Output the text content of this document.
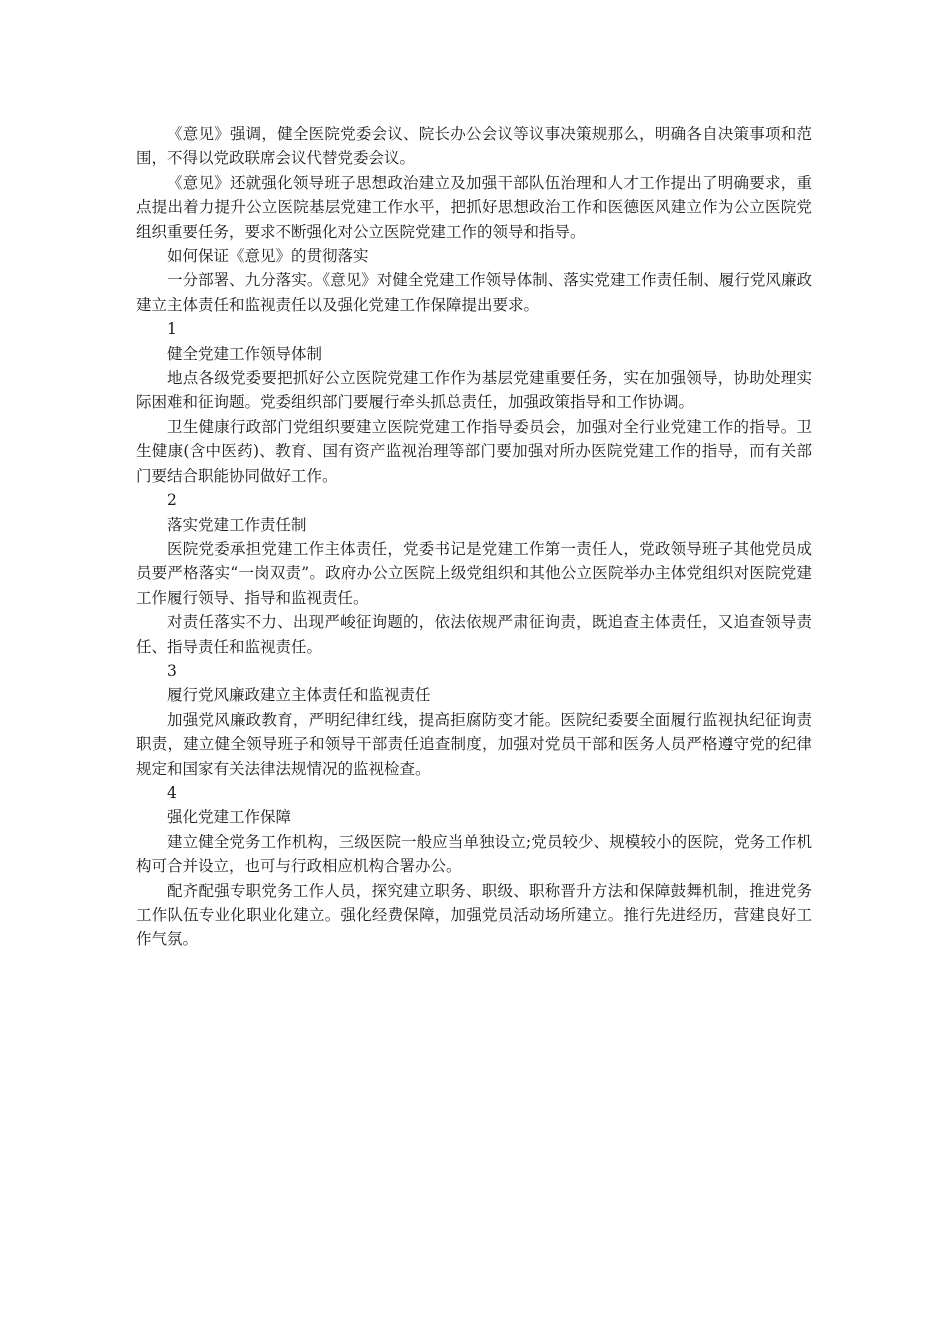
《意见》强调，健全医院党委会议、院长办公会议等议事决策规那么，明确各自决策事项和范围，不得以党政联席会议代替党委会议。

《意见》还就强化领导班子思想政治建立及加强干部队伍治理和人才工作提出了明确要求，重点提出着力提升公立医院基层党建工作水平，把抓好思想政治工作和医德医风建立作为公立医院党组织重要任务，要求不断强化对公立医院党建工作的领导和指导。

如何保证《意见》的贯彻落实

一分部署、九分落实。《意见》对健全党建工作领导体制、落实党建工作责任制、履行党风廉政建立主体责任和监视责任以及强化党建工作保障提出要求。

1

健全党建工作领导体制

地点各级党委要把抓好公立医院党建工作作为基层党建重要任务，实在加强领导，协助处理实际困难和征询题。党委组织部门要履行牵头抓总责任，加强政策指导和工作协调。

卫生健康行政部门党组织要建立医院党建工作指导委员会，加强对全行业党建工作的指导。卫生健康(含中医药)、教育、国有资产监视治理等部门要加强对所办医院党建工作的指导，而有关部门要结合职能协同做好工作。

2

落实党建工作责任制

医院党委承担党建工作主体责任，党委书记是党建工作第一责任人，党政领导班子其他党员成员要严格落实“一岗双责”。政府办公立医院上级党组织和其他公立医院举办主体党组织对医院党建工作履行领导、指导和监视责任。

对责任落实不力、出现严峻征询题的，依法依规严肃征询责，既追查主体责任，又追查领导责任、指导责任和监视责任。

3

履行党风廉政建立主体责任和监视责任

加强党风廉政教育，严明纪律红线，提高拒腐防变才能。医院纪委要全面履行监视执纪征询责职责，建立健全领导班子和领导干部责任追查制度，加强对党员干部和医务人员严格遵守党的纪律规定和国家有关法律法规情况的监视检查。

4

强化党建工作保障

建立健全党务工作机构，三级医院一般应当单独设立;党员较少、规模较小的医院，党务工作机构可合并设立，也可与行政相应机构合署办公。

配齐配强专职党务工作人员，探究建立职务、职级、职称晋升方法和保障鼓舞机制，推进党务工作队伍专业化职业化建立。强化经费保障，加强党员活动场所建立。推行先进经历，营建良好工作气氛。
